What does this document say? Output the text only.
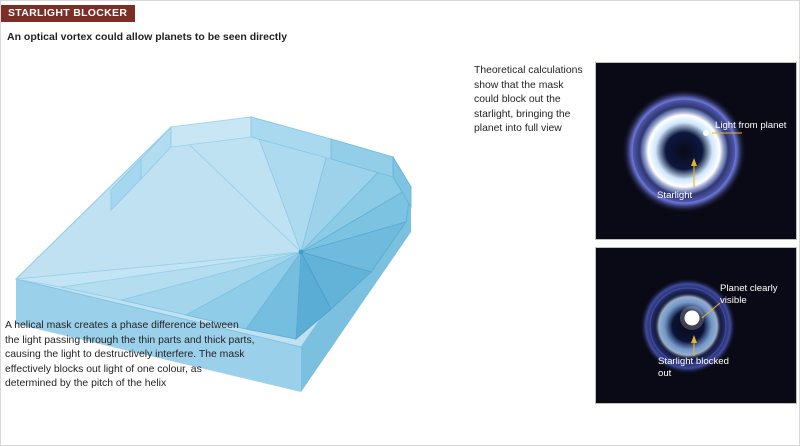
STARLIGHT BLOCKER
An optical vortex could allow planets to be seen directly
A helical mask creates a phase difference between the light passing through the thin parts and thick parts, causing the light to destructively interfere. The mask effectively blocks out light of one colour, as determined by the pitch of the helix
Theoretical calculations show that the mask could block out the starlight, bringing the planet into full view	Light from planet
Starlight
Planet clearly visible
Starlight blocked out
